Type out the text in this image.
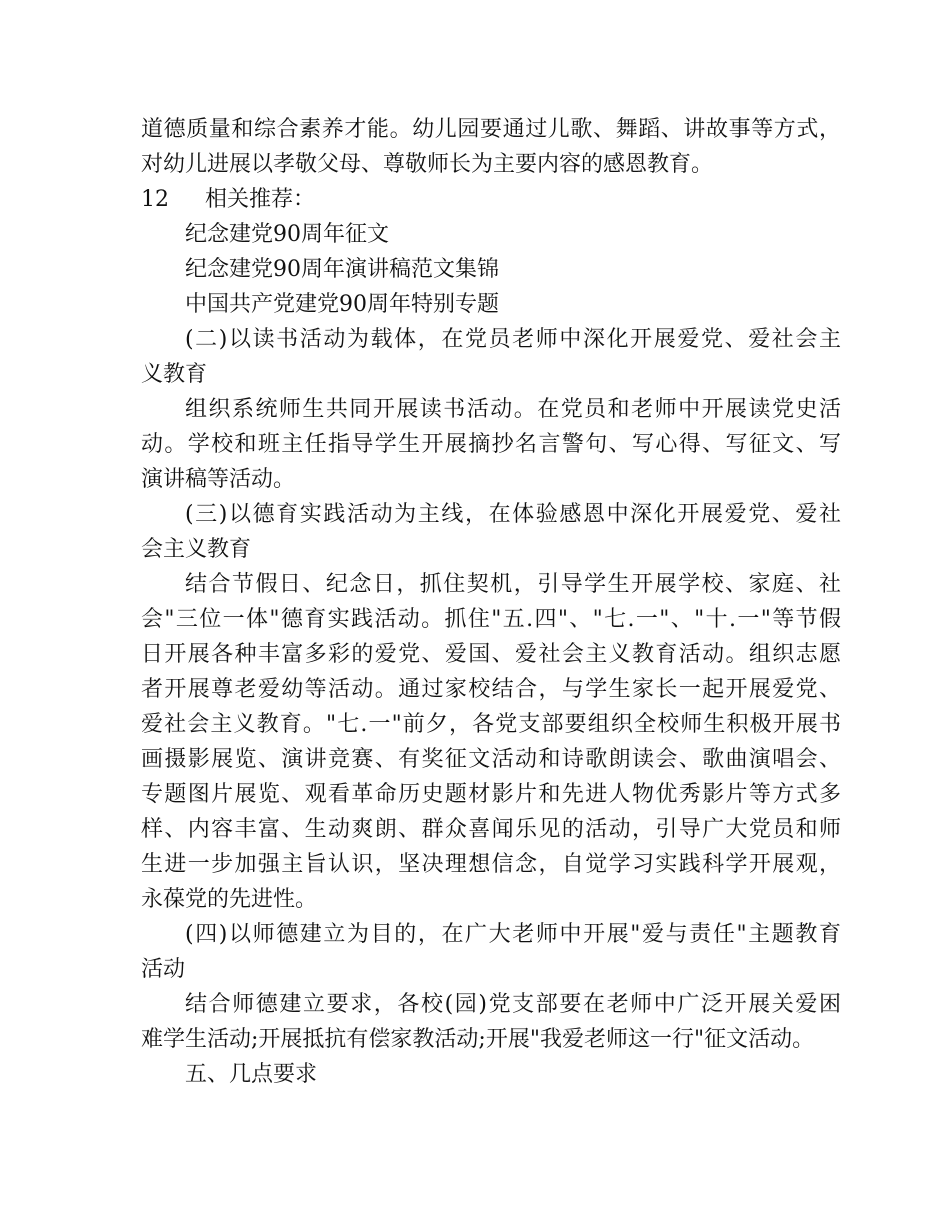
道德质量和综合素养才能。幼儿园要通过儿歌、舞蹈、讲故事等方式，
对幼儿进展以孝敬父母、尊敬师长为主要内容的感恩教育。
12 相关推荐：
纪念建党90周年征文
纪念建党90周年演讲稿范文集锦
中国共产党建党90周年特别专题
(二)以读书活动为载体，在党员老师中深化开展爱党、爱社会主
义教育
组织系统师生共同开展读书活动。在党员和老师中开展读党史活
动。学校和班主任指导学生开展摘抄名言警句、写心得、写征文、写
演讲稿等活动。
(三)以德育实践活动为主线，在体验感恩中深化开展爱党、爱社
会主义教育
结合节假日、纪念日，抓住契机，引导学生开展学校、家庭、社
会"三位一体"德育实践活动。抓住"五.四"、"七.一"、"十.一"等节假
日开展各种丰富多彩的爱党、爱国、爱社会主义教育活动。组织志愿
者开展尊老爱幼等活动。通过家校结合，与学生家长一起开展爱党、
爱社会主义教育。"七.一"前夕，各党支部要组织全校师生积极开展书
画摄影展览、演讲竞赛、有奖征文活动和诗歌朗读会、歌曲演唱会、
专题图片展览、观看革命历史题材影片和先进人物优秀影片等方式多
样、内容丰富、生动爽朗、群众喜闻乐见的活动，引导广大党员和师
生进一步加强主旨认识，坚决理想信念，自觉学习实践科学开展观，
永葆党的先进性。
(四)以师德建立为目的，在广大老师中开展"爱与责任"主题教育
活动
结合师德建立要求，各校(园)党支部要在老师中广泛开展关爱困
难学生活动;开展抵抗有偿家教活动;开展"我爱老师这一行"征文活动。
五、几点要求
